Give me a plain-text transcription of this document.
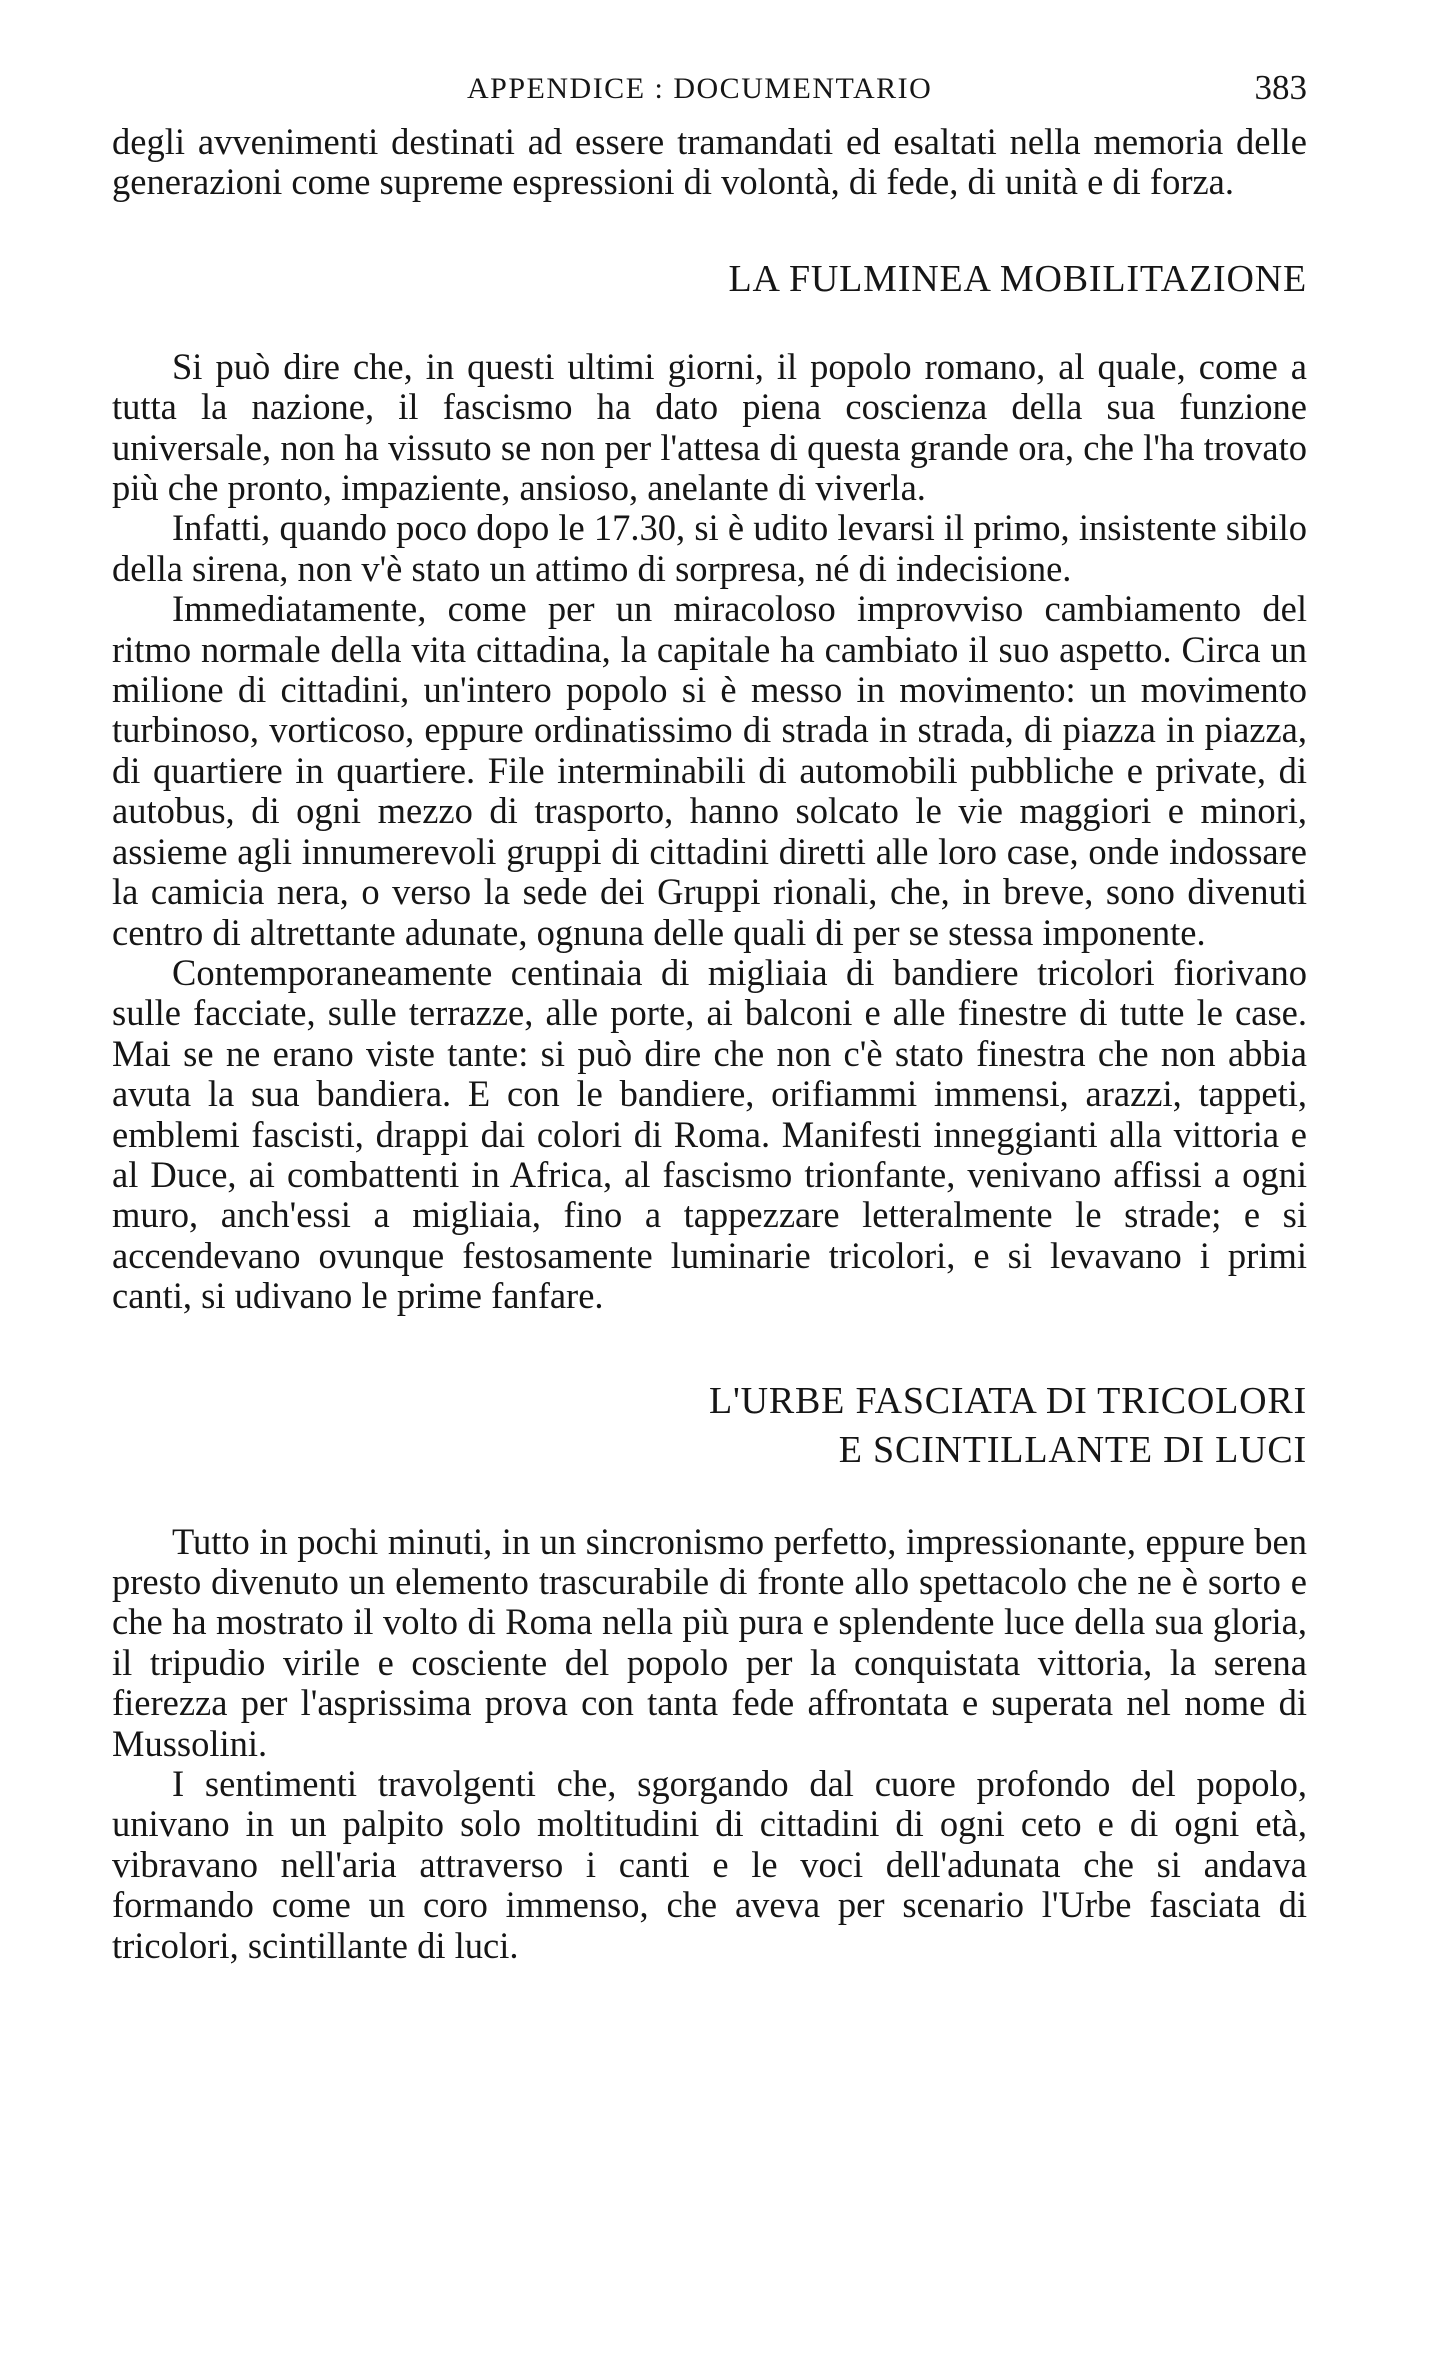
APPENDICE : DOCUMENTARIO	383

degli avvenimenti destinati ad essere tramandati ed esaltati nella memoria delle generazioni come supreme espressioni di volontà, di fede, di unità e di forza.

LA FULMINEA MOBILITAZIONE

Si può dire che, in questi ultimi giorni, il popolo romano, al quale, come a tutta la nazione, il fascismo ha dato piena coscienza della sua funzione universale, non ha vissuto se non per l'attesa di questa grande ora, che l'ha trovato più che pronto, impaziente, ansioso, anelante di viverla.

Infatti, quando poco dopo le 17.30, si è udito levarsi il primo, insistente sibilo della sirena, non v'è stato un attimo di sorpresa, né di indecisione.

Immediatamente, come per un miracoloso improvviso cambiamento del ritmo normale della vita cittadina, la capitale ha cambiato il suo aspetto. Circa un milione di cittadini, un'intero popolo si è messo in movimento: un movimento turbinoso, vorticoso, eppure ordinatissimo di strada in strada, di piazza in piazza, di quartiere in quartiere. File interminabili di automobili pubbliche e private, di autobus, di ogni mezzo di trasporto, hanno solcato le vie maggiori e minori, assieme agli innumerevoli gruppi di cittadini diretti alle loro case, onde indossare la camicia nera, o verso la sede dei Gruppi rionali, che, in breve, sono divenuti centro di altrettante adunate, ognuna delle quali di per se stessa imponente.

Contemporaneamente centinaia di migliaia di bandiere tricolori fiorivano sulle facciate, sulle terrazze, alle porte, ai balconi e alle finestre di tutte le case. Mai se ne erano viste tante: si può dire che non c'è stato finestra che non abbia avuta la sua bandiera. E con le bandiere, orifiammi immensi, arazzi, tappeti, emblemi fascisti, drappi dai colori di Roma. Manifesti inneggianti alla vittoria e al Duce, ai combattenti in Africa, al fascismo trionfante, venivano affissi a ogni muro, anch'essi a migliaia, fino a tappezzare letteralmente le strade; e si accendevano ovunque festosamente luminarie tricolori, e si levavano i primi canti, si udivano le prime fanfare.

L'URBE FASCIATA DI TRICOLORI
E SCINTILLANTE DI LUCI

Tutto in pochi minuti, in un sincronismo perfetto, impressionante, eppure ben presto divenuto un elemento trascurabile di fronte allo spettacolo che ne è sorto e che ha mostrato il volto di Roma nella più pura e splendente luce della sua gloria, il tripudio virile e cosciente del popolo per la conquistata vittoria, la serena fierezza per l'asprissima prova con tanta fede affrontata e superata nel nome di Mussolini.

I sentimenti travolgenti che, sgorgando dal cuore profondo del popolo, univano in un palpito solo moltitudini di cittadini di ogni ceto e di ogni età, vibravano nell'aria attraverso i canti e le voci dell'adunata che si andava formando come un coro immenso, che aveva per scenario l'Urbe fasciata di tricolori, scintillante di luci.
